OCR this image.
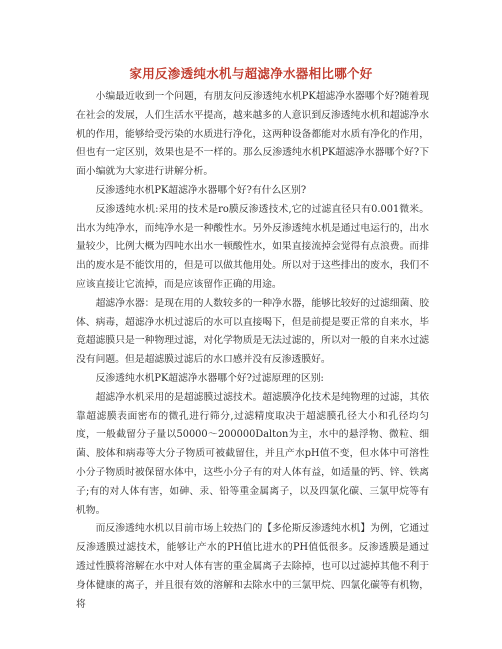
家用反渗透纯水机与超滤净水器相比哪个好

小编最近收到一个问题，有朋友问反渗透纯水机PK超滤净水器哪个好?随着现在社会的发展，人们生活水平提高，越来越多的人意识到反渗透纯水机和超滤净水机的作用，能够给受污染的水质进行净化，这两种设备都能对水质有净化的作用，但也有一定区别，效果也是不一样的。那么反渗透纯水机PK超滤净水器哪个好?下面小编就为大家进行讲解分析。

反渗透纯水机PK超滤净水器哪个好?有什么区别?

反渗透纯水机:采用的技术是ro膜反渗透技术,它的过滤直径只有0.001微米。出水为纯净水，而纯净水是一种酸性水。另外反渗透纯水机是通过电运行的，出水量较少，比例大概为四吨水出水一顿酸性水，如果直接流掉会觉得有点浪费。而排出的废水是不能饮用的，但是可以做其他用处。所以对于这些排出的废水，我们不应该直接让它流掉，而是应该留作正确的用途。

超滤净水器：是现在用的人数较多的一种净水器，能够比较好的过滤细菌、胶体、病毒，超滤净水机过滤后的水可以直接喝下，但是前提是要正常的自来水，毕竟超滤膜只是一种物理过滤，对化学物质是无法过滤的，所以对一般的自来水过滤没有问题。但是超滤膜过滤后的水口感并没有反渗透膜好。

反渗透纯水机PK超滤净水器哪个好?过滤原理的区别:

超滤净水机采用的是超滤膜过滤技术。超滤膜净化技术是纯物理的过滤，其依靠超滤膜表面密布的微孔进行筛分,过滤精度取决于超滤膜孔径大小和孔径均匀度，一般截留分子量以50000～200000Dalton为主，水中的悬浮物、微粒、细菌、胶体和病毒等大分子物质可被截留住，并且产水pH值不变，但水体中可溶性小分子物质时被保留水体中，这些小分子有的对人体有益，如适量的钙、锌、铁离子;有的对人体有害，如砷、汞、铅等重金属离子，以及四氯化碳、三氯甲烷等有机物。

而反渗透纯水机以目前市场上较热门的【多伦斯反渗透纯水机】为例，它通过反渗透膜过滤技术，能够让产水的PH值比进水的PH值低很多。反渗透膜是通过透过性膜将溶解在水中对人体有害的重金属离子去除掉，也可以过滤掉其他不利于身体健康的离子，并且很有效的溶解和去除水中的三氯甲烷、四氯化碳等有机物，将
